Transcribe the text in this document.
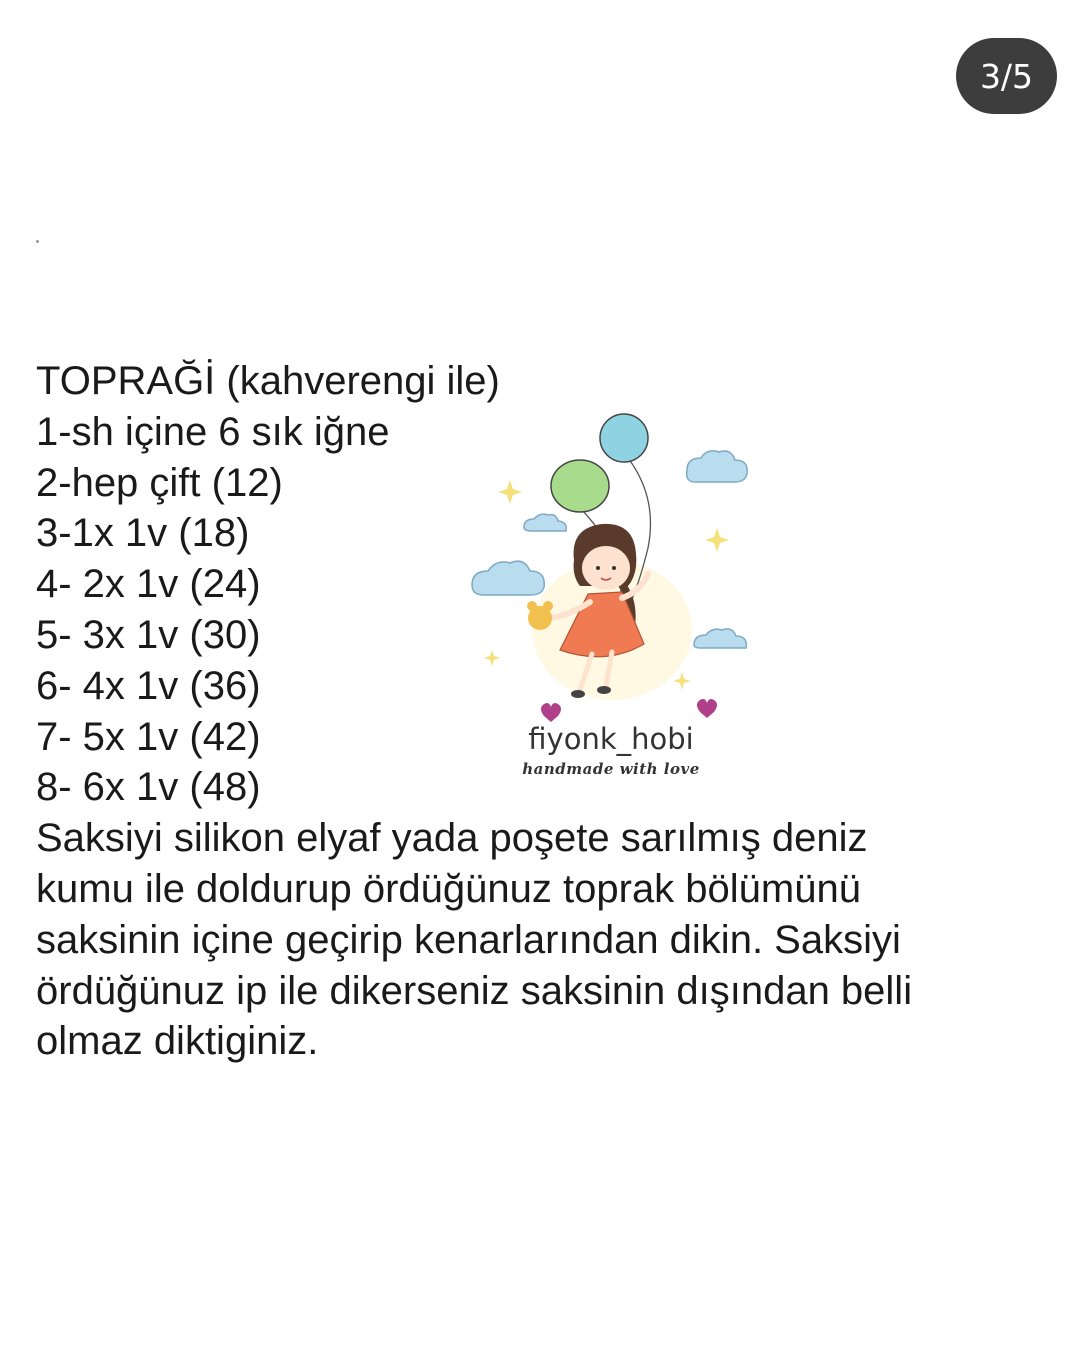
3/5
TOPRAĞİ (kahverengi ile)
1-sh içine 6 sık iğne
2-hep çift (12)
3-1x 1v (18)
4- 2x 1v (24)
5- 3x 1v (30)
6- 4x 1v (36)
7- 5x 1v (42)
8- 6x 1v (48)
Saksiyi silikon elyaf yada poşete sarılmış deniz
kumu ile doldurup ördüğünuz toprak bölümünü
saksinin içine geçirip kenarlarından dikin. Saksiyi
ördüğünuz ip ile dikerseniz saksinin dışından belli
olmaz diktiginiz.
fiyonk_hobi
handmade with love
